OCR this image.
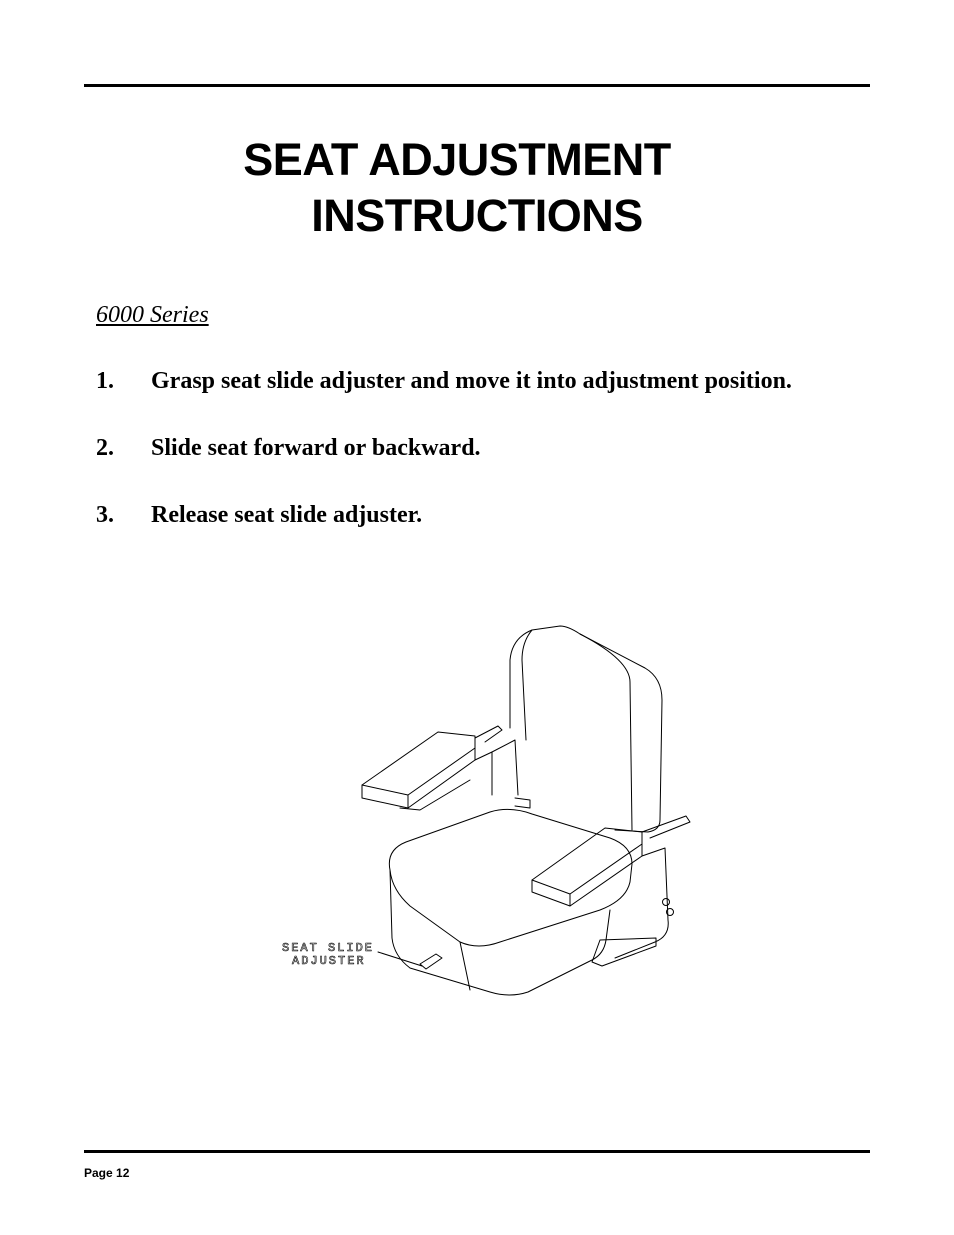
SEAT ADJUSTMENT
INSTRUCTIONS
6000 Series
1. Grasp seat slide adjuster and move it into adjustment position.
2. Slide seat forward or backward.
3. Release seat slide adjuster.
SEAT SLIDE
ADJUSTER
Page 12
